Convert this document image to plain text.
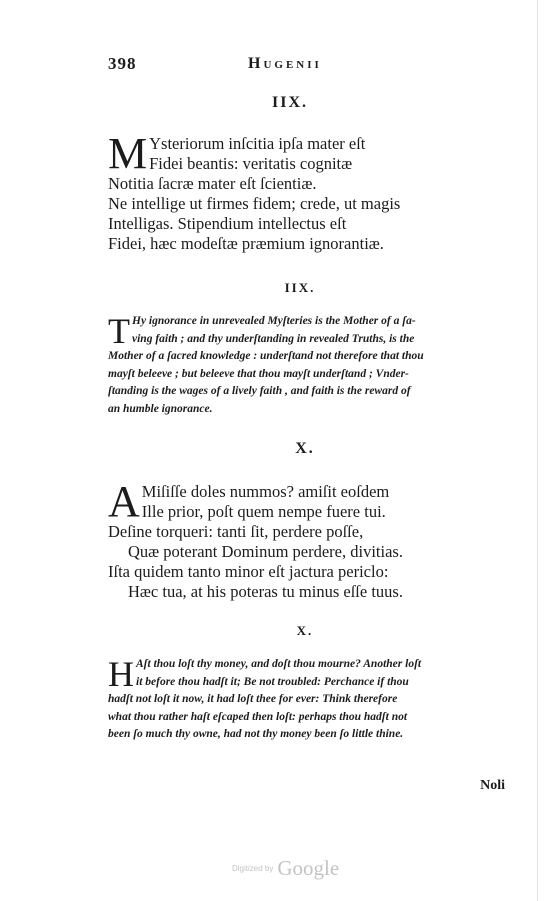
398	Hugenii
IIX.
M Ysteriorum inſcitia ipſa mater eſt
Fidei beantis: veritatis cognitæ
Notitia ſacræ mater eſt ſcientiæ.
Ne intellige ut firmes fidem; crede, ut magis
Intelligas. Stipendium intellectus eſt
Fidei, hæc modeſtæ præmium ignorantiæ.
IIX.
T Hy ignorance in unrevealed Myſteries is the Mother of a ſa-
ving faith ; and thy underſtanding in revealed Truths, is the
Mother of a ſacred knowledge : underſtand not therefore that thou
mayſt beleeve ; but beleeve that thou mayſt underſtand ; Vnder-
ſtanding is the wages of a lively faith , and faith is the reward of
an humble ignorance.
X.
A Miſiſſe doles nummos? amiſit eoſdem
Ille prior, poſt quem nempe fuere tui.
Deſine torqueri: tanti ſit, perdere poſſe,
Quæ poterant Dominum perdere, divitias.
Iſta quidem tanto minor eſt jactura periclo:
Hæc tua, at his poteras tu minus eſſe tuus.
X.
H Aſt thou loſt thy money, and doſt thou mourne? Another loſt
it before thou hadſt it; Be not troubled: Perchance if thou
hadſt not loſt it now, it had loſt thee for ever: Think therefore
what thou rather haſt eſcaped then loſt: perhaps thou hadſt not
been ſo much thy owne, had not thy money been ſo little thine.
Noli
Digitized by Google
